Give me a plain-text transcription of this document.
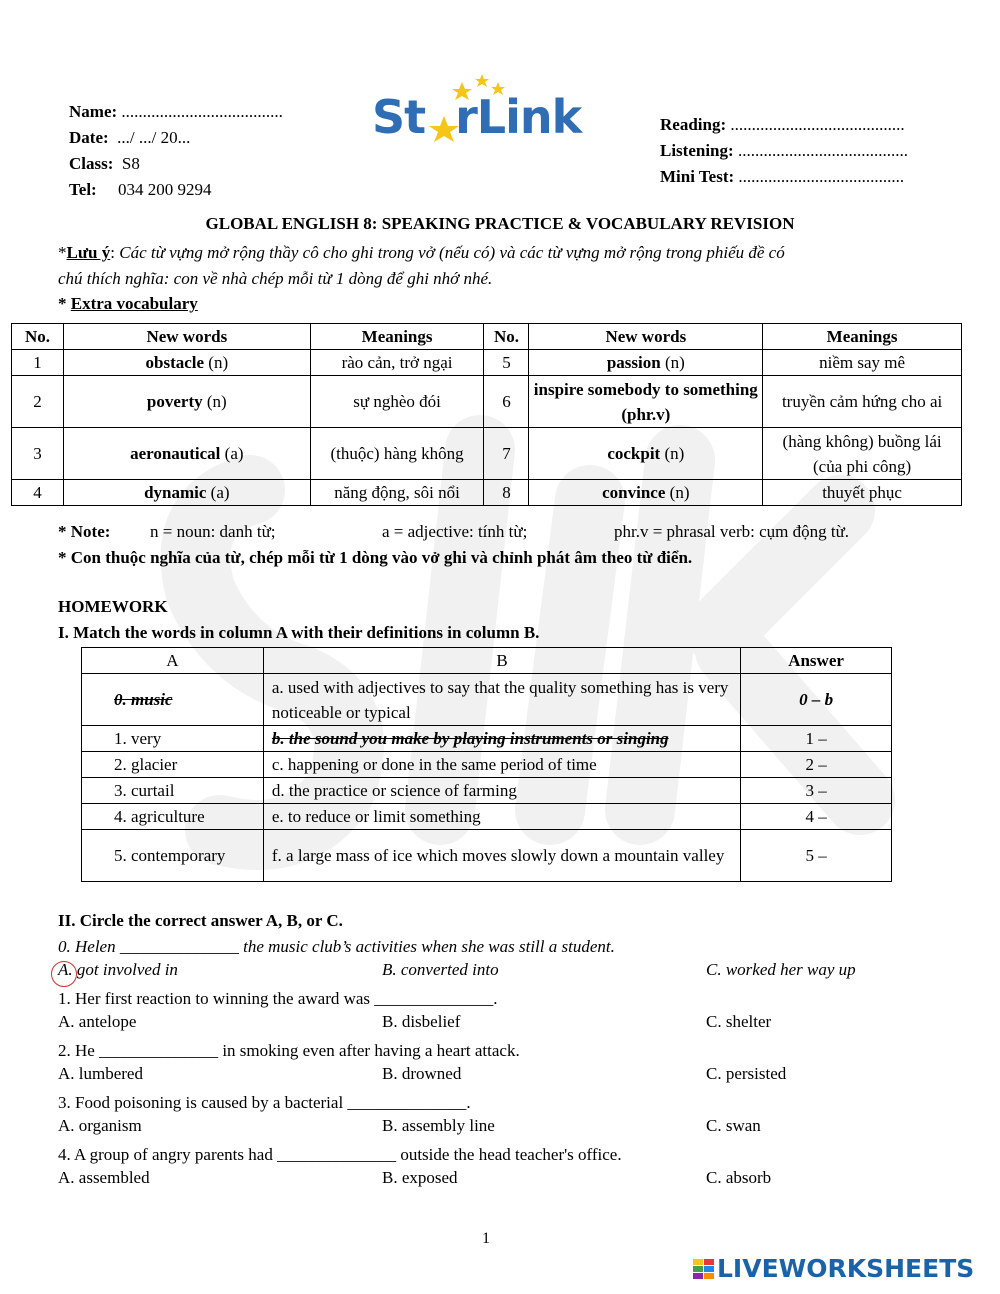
Name: ......................................
Date: .../ .../ 20...
Class: S8
Tel: 034 200 9294
St rLink	Reading: .........................................
Listening: ........................................
Mini Test: .......................................
GLOBAL ENGLISH 8: SPEAKING PRACTICE & VOCABULARY REVISION
*Lưu ý: Các từ vựng mở rộng thầy cô cho ghi trong vở (nếu có) và các từ vựng mở rộng trong phiếu đề có
chú thích nghĩa: con về nhà chép mỗi từ 1 dòng để ghi nhớ nhé.
* Extra vocabulary
No.	New words	Meanings	No.	New words	Meanings
1	obstacle (n)	rào cản, trở ngại	5	passion (n)	niềm say mê
2	poverty (n)	sự nghèo đói	6	inspire somebody to something (phr.v)	truyền cảm hứng cho ai
3	aeronautical (a)	(thuộc) hàng không	7	cockpit (n)	(hàng không) buồng lái (của phi công)
4	dynamic (a)	năng động, sôi nổi	8	convince (n)	thuyết phục
* Note: n = noun: danh từ;	a = adjective: tính từ;	phr.v = phrasal verb: cụm động từ.
* Con thuộc nghĩa của từ, chép mỗi từ 1 dòng vào vở ghi và chỉnh phát âm theo từ điển.
HOMEWORK
I. Match the words in column A with their definitions in column B.
A	B	Answer
0. music	a. used with adjectives to say that the quality something has is very noticeable or typical	0 – b
1. very	b. the sound you make by playing instruments or singing	1 –
2. glacier	c. happening or done in the same period of time	2 –
3. curtail	d. the practice or science of farming	3 –
4. agriculture	e. to reduce or limit something	4 –
5. contemporary	f. a large mass of ice which moves slowly down a mountain valley	5 –
II. Circle the correct answer A, B, or C.
0. Helen ______________ the music club’s activities when she was still a student.
A. got involved in	B. converted into	C. worked her way up
1. Her first reaction to winning the award was ______________.
A. antelope	B. disbelief	C. shelter
2. He ______________ in smoking even after having a heart attack.
A. lumbered	B. drowned	C. persisted
3. Food poisoning is caused by a bacterial ______________.
A. organism	B. assembly line	C. swan
4. A group of angry parents had ______________ outside the head teacher's office.
A. assembled	B. exposed	C. absorb
1
LIVEWORKSHEETS
